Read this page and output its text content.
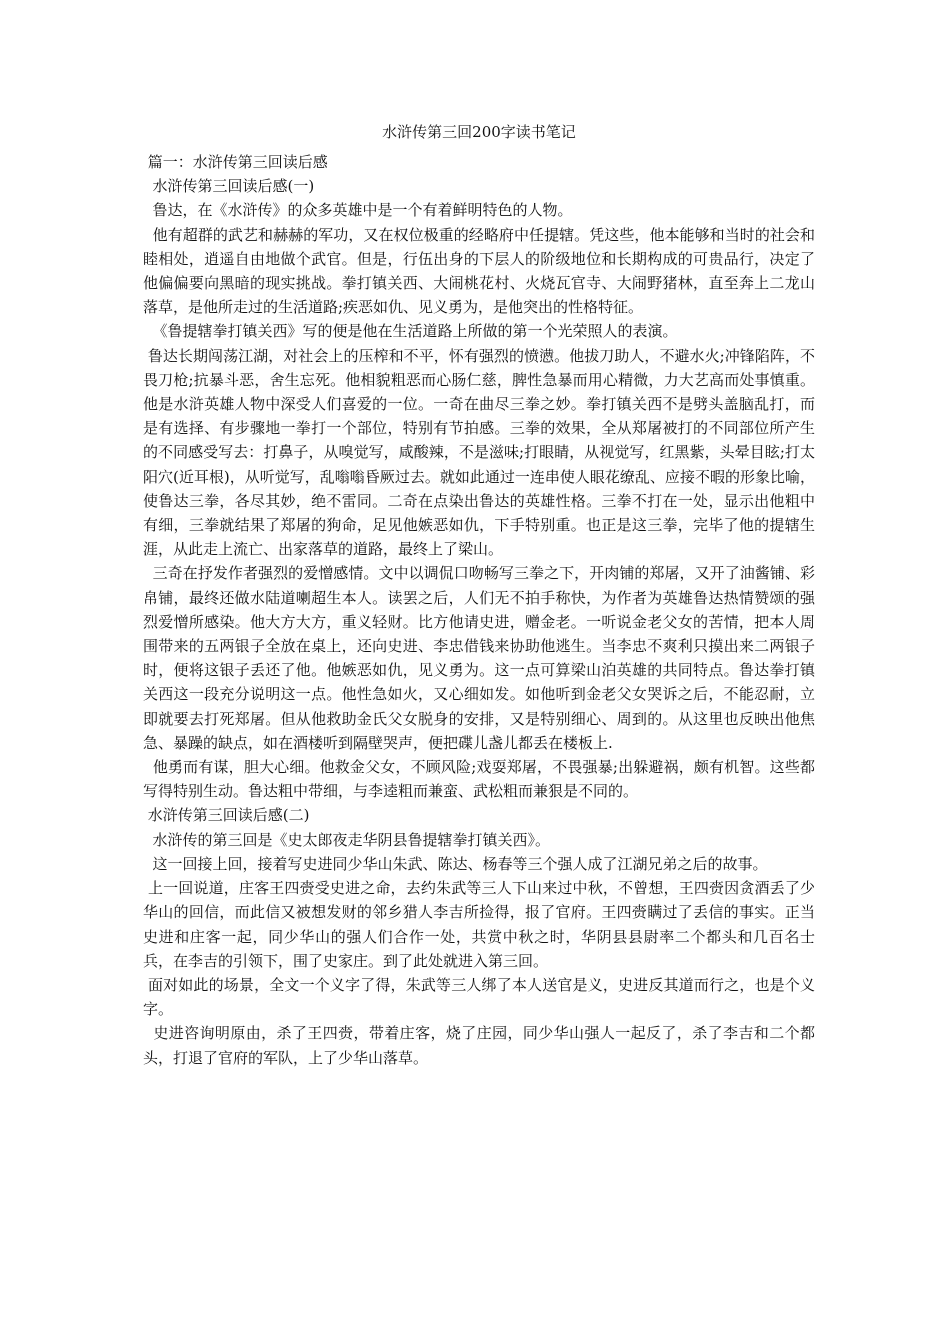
水浒传第三回200字读书笔记

篇一：水浒传第三回读后感

水浒传第三回读后感(一)

鲁达，在《水浒传》的众多英雄中是一个有着鲜明特色的人物。

他有超群的武艺和赫赫的军功，又在权位极重的经略府中任提辖。凭这些，他本能够和当时的社会和睦相处，逍遥自由地做个武官。但是，行伍出身的下层人的阶级地位和长期构成的可贵品行，决定了他偏偏要向黑暗的现实挑战。拳打镇关西、大闹桃花村、火烧瓦官寺、大闹野猪林，直至奔上二龙山落草，是他所走过的生活道路;疾恶如仇、见义勇为，是他突出的性格特征。

《鲁提辖拳打镇关西》写的便是他在生活道路上所做的第一个光荣照人的表演。

鲁达长期闯荡江湖，对社会上的压榨和不平，怀有强烈的愤懑。他拔刀助人，不避水火;冲锋陷阵，不畏刀枪;抗暴斗恶，舍生忘死。他相貌粗恶而心肠仁慈，脾性急暴而用心精微，力大艺高而处事慎重。他是水浒英雄人物中深受人们喜爱的一位。一奇在曲尽三拳之妙。拳打镇关西不是劈头盖脑乱打，而是有选择、有步骤地一拳打一个部位，特别有节拍感。三拳的效果，全从郑屠被打的不同部位所产生的不同感受写去：打鼻子，从嗅觉写，咸酸辣，不是滋味;打眼睛，从视觉写，红黑紫，头晕目眩;打太阳穴(近耳根)，从听觉写，乱嗡嗡昏厥过去。就如此通过一连串使人眼花缭乱、应接不暇的形象比喻，使鲁达三拳，各尽其妙，绝不雷同。二奇在点染出鲁达的英雄性格。三拳不打在一处，显示出他粗中有细，三拳就结果了郑屠的狗命，足见他嫉恶如仇，下手特别重。也正是这三拳，完毕了他的提辖生涯，从此走上流亡、出家落草的道路，最终上了梁山。

三奇在抒发作者强烈的爱憎感情。文中以调侃口吻畅写三拳之下，开肉铺的郑屠，又开了油酱铺、彩帛铺，最终还做水陆道喇超生本人。读罢之后，人们无不拍手称快，为作者为英雄鲁达热情赞颂的强烈爱憎所感染。他大方大方，重义轻财。比方他请史进，赠金老。一听说金老父女的苦情，把本人周围带来的五两银子全放在桌上，还向史进、李忠借钱来协助他逃生。当李忠不爽利只摸出来二两银子时，便将这银子丢还了他。他嫉恶如仇，见义勇为。这一点可算梁山泊英雄的共同特点。鲁达拳打镇关西这一段充分说明这一点。他性急如火，又心细如发。如他听到金老父女哭诉之后，不能忍耐，立即就要去打死郑屠。但从他救助金氏父女脱身的安排，又是特别细心、周到的。从这里也反映出他焦急、暴躁的缺点，如在酒楼听到隔壁哭声，便把碟儿盏儿都丢在楼板上.

他勇而有谋，胆大心细。他救金父女，不顾风险;戏耍郑屠，不畏强暴;出躲避祸，颇有机智。这些都写得特别生动。鲁达粗中带细，与李逵粗而兼蛮、武松粗而兼狠是不同的。

水浒传第三回读后感(二)

水浒传的第三回是《史太郎夜走华阴县鲁提辖拳打镇关西》。

这一回接上回，接着写史进同少华山朱武、陈达、杨春等三个强人成了江湖兄弟之后的故事。

上一回说道，庄客王四赍受史进之命，去约朱武等三人下山来过中秋，不曾想，王四赍因贪酒丢了少华山的回信，而此信又被想发财的邻乡猎人李吉所捡得，报了官府。王四赍瞒过了丢信的事实。正当史进和庄客一起，同少华山的强人们合作一处，共赏中秋之时，华阴县县尉率二个都头和几百名士兵，在李吉的引领下，围了史家庄。到了此处就进入第三回。

面对如此的场景，全文一个义字了得，朱武等三人绑了本人送官是义，史进反其道而行之，也是个义字。

史进咨询明原由，杀了王四赍，带着庄客，烧了庄园，同少华山强人一起反了，杀了李吉和二个都头，打退了官府的军队，上了少华山落草。
